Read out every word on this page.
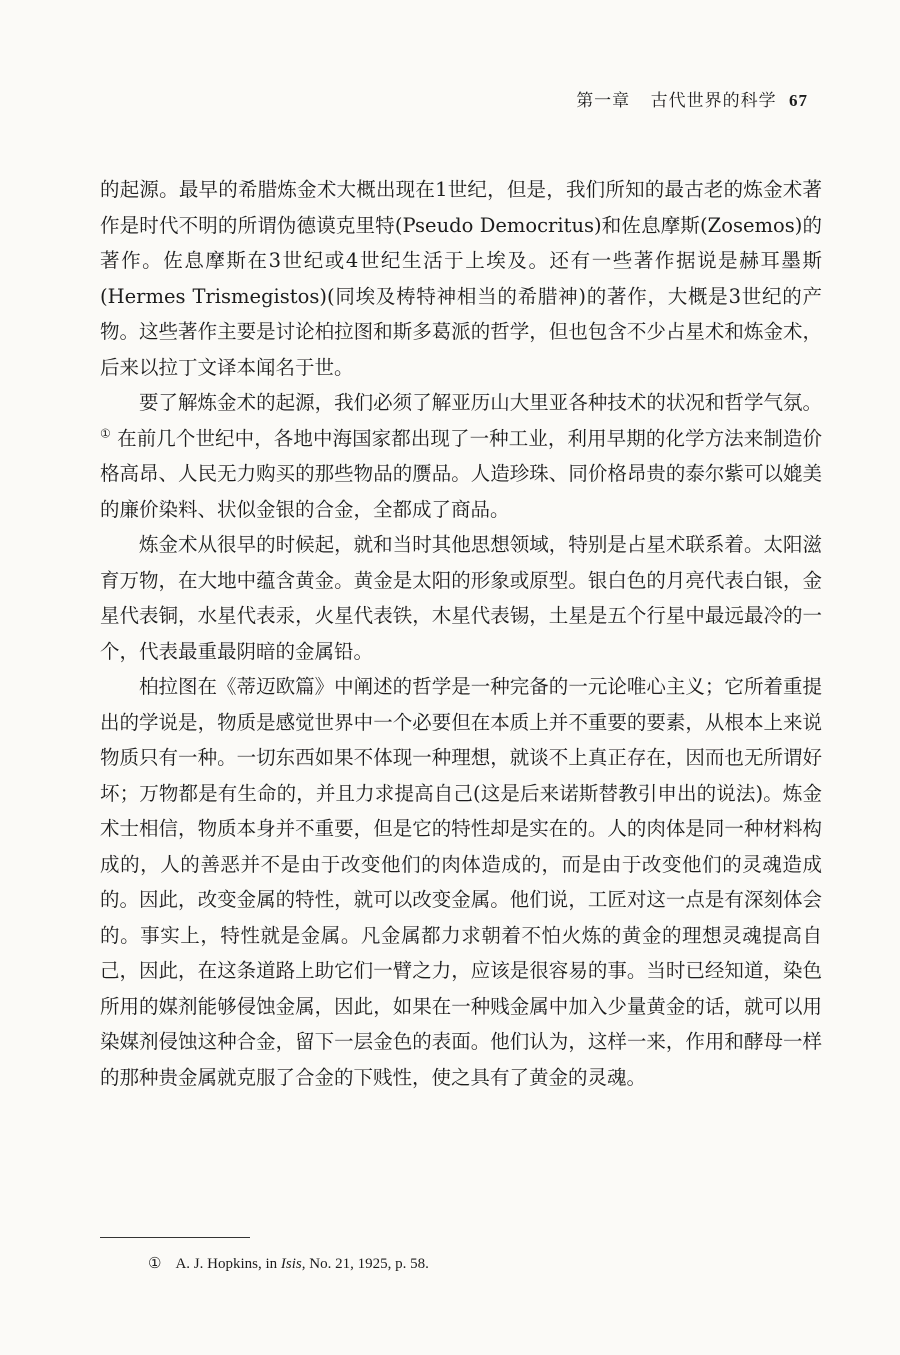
第一章 古代世界的科学 67

的起源。最早的希腊炼金术大概出现在1世纪，但是，我们所知的最古老的炼金术著作是时代不明的所谓伪德谟克里特(Pseudo Democritus)和佐息摩斯(Zosemos)的著作。佐息摩斯在3世纪或4世纪生活于上埃及。还有一些著作据说是赫耳墨斯(Hermes Trismegistos)(同埃及梼特神相当的希腊神)的著作，大概是3世纪的产物。这些著作主要是讨论柏拉图和斯多葛派的哲学，但也包含不少占星术和炼金术，后来以拉丁文译本闻名于世。

要了解炼金术的起源，我们必须了解亚历山大里亚各种技术的状况和哲学气氛。① 在前几个世纪中，各地中海国家都出现了一种工业，利用早期的化学方法来制造价格高昂、人民无力购买的那些物品的赝品。人造珍珠、同价格昂贵的泰尔紫可以媲美的廉价染料、状似金银的合金，全都成了商品。

炼金术从很早的时候起，就和当时其他思想领域，特别是占星术联系着。太阳滋育万物，在大地中蕴含黄金。黄金是太阳的形象或原型。银白色的月亮代表白银，金星代表铜，水星代表汞，火星代表铁，木星代表锡，土星是五个行星中最远最冷的一个，代表最重最阴暗的金属铅。

柏拉图在《蒂迈欧篇》中阐述的哲学是一种完备的一元论唯心主义；它所着重提出的学说是，物质是感觉世界中一个必要但在本质上并不重要的要素，从根本上来说物质只有一种。一切东西如果不体现一种理想，就谈不上真正存在，因而也无所谓好坏；万物都是有生命的，并且力求提高自己(这是后来诺斯替教引申出的说法)。炼金术士相信，物质本身并不重要，但是它的特性却是实在的。人的肉体是同一种材料构成的，人的善恶并不是由于改变他们的肉体造成的，而是由于改变他们的灵魂造成的。因此，改变金属的特性，就可以改变金属。他们说，工匠对这一点是有深刻体会的。事实上，特性就是金属。凡金属都力求朝着不怕火炼的黄金的理想灵魂提高自己，因此，在这条道路上助它们一臂之力，应该是很容易的事。当时已经知道，染色所用的媒剂能够侵蚀金属，因此，如果在一种贱金属中加入少量黄金的话，就可以用染媒剂侵蚀这种合金，留下一层金色的表面。他们认为，这样一来，作用和酵母一样的那种贵金属就克服了合金的下贱性，使之具有了黄金的灵魂。

① A. J. Hopkins, in Isis, No. 21, 1925, p. 58.
